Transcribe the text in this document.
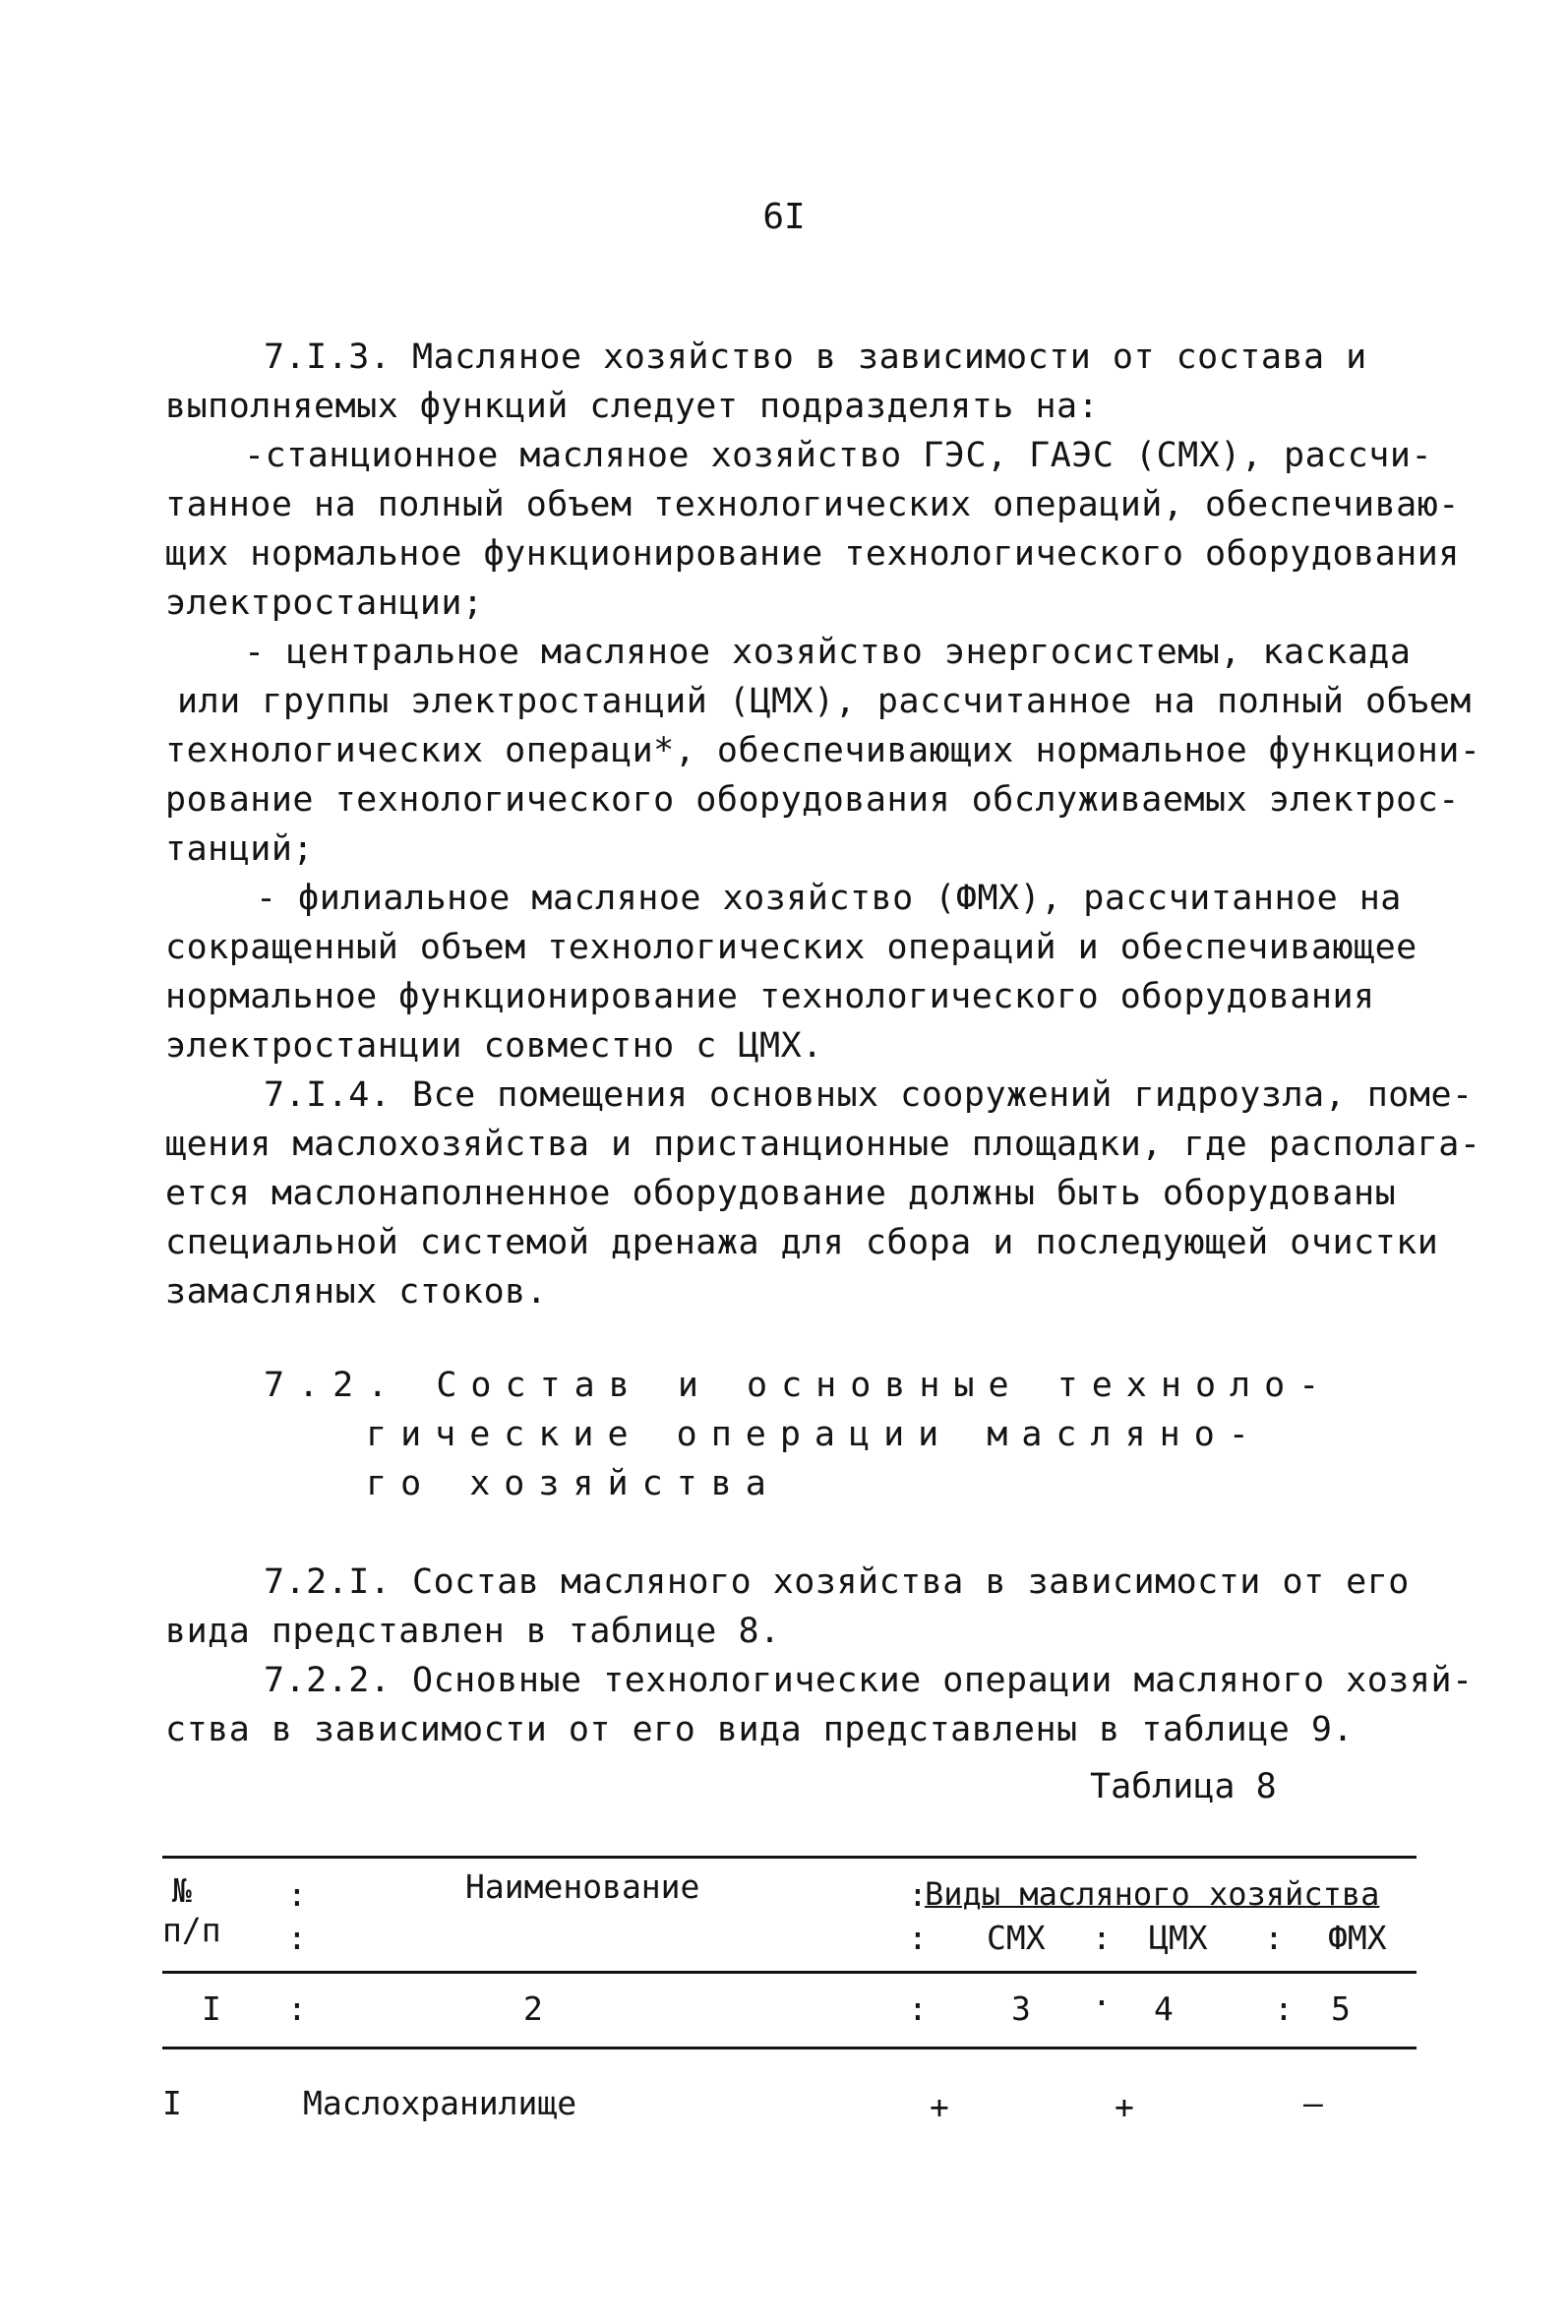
6I
7.I.3. Масляное хозяйство в зависимости от состава и
выполняемых функций следует подразделять на:
-станционное масляное хозяйство ГЭС, ГАЭС (СМХ), рассчи-
танное на полный объем технологических операций, обеспечиваю-
щих нормальное функционирование технологического оборудования
электростанции;
- центральное масляное хозяйство энергосистемы, каскада
или группы электростанций (ЦМХ), рассчитанное на полный объем
технологических операци*, обеспечивающих нормальное функциони-
рование технологического оборудования обслуживаемых электрос-
танций;
- филиальное масляное хозяйство (ФМХ), рассчитанное на
сокращенный объем технологических операций и обеспечивающее
нормальное функционирование технологического оборудования
электростанции совместно с ЦМХ.
7.I.4. Все помещения основных сооружений гидроузла, поме-
щения маслохозяйства и пристанционные площадки, где располага-
ется маслонаполненное оборудование должны быть оборудованы
специальной системой дренажа для сбора и последующей очистки
замасляных стоков.
7.2. Состав и основные техноло-
гические операции маслянo-
го хозяйства
7.2.I. Состав масляного хозяйства в зависимости от его
вида представлен в таблице 8.
7.2.2. Основные технологические операции масляного хозяй-
ства в зависимости от его вида представлены в таблице 9.
Таблица 8
№
п/п
:
:
Наименование	:
Виды масляного хозяйства
: СМХ : ЦМХ : ФМХ
I :	2	:	3 · 4	: 5
I	Маслохранилище	+	+	–
